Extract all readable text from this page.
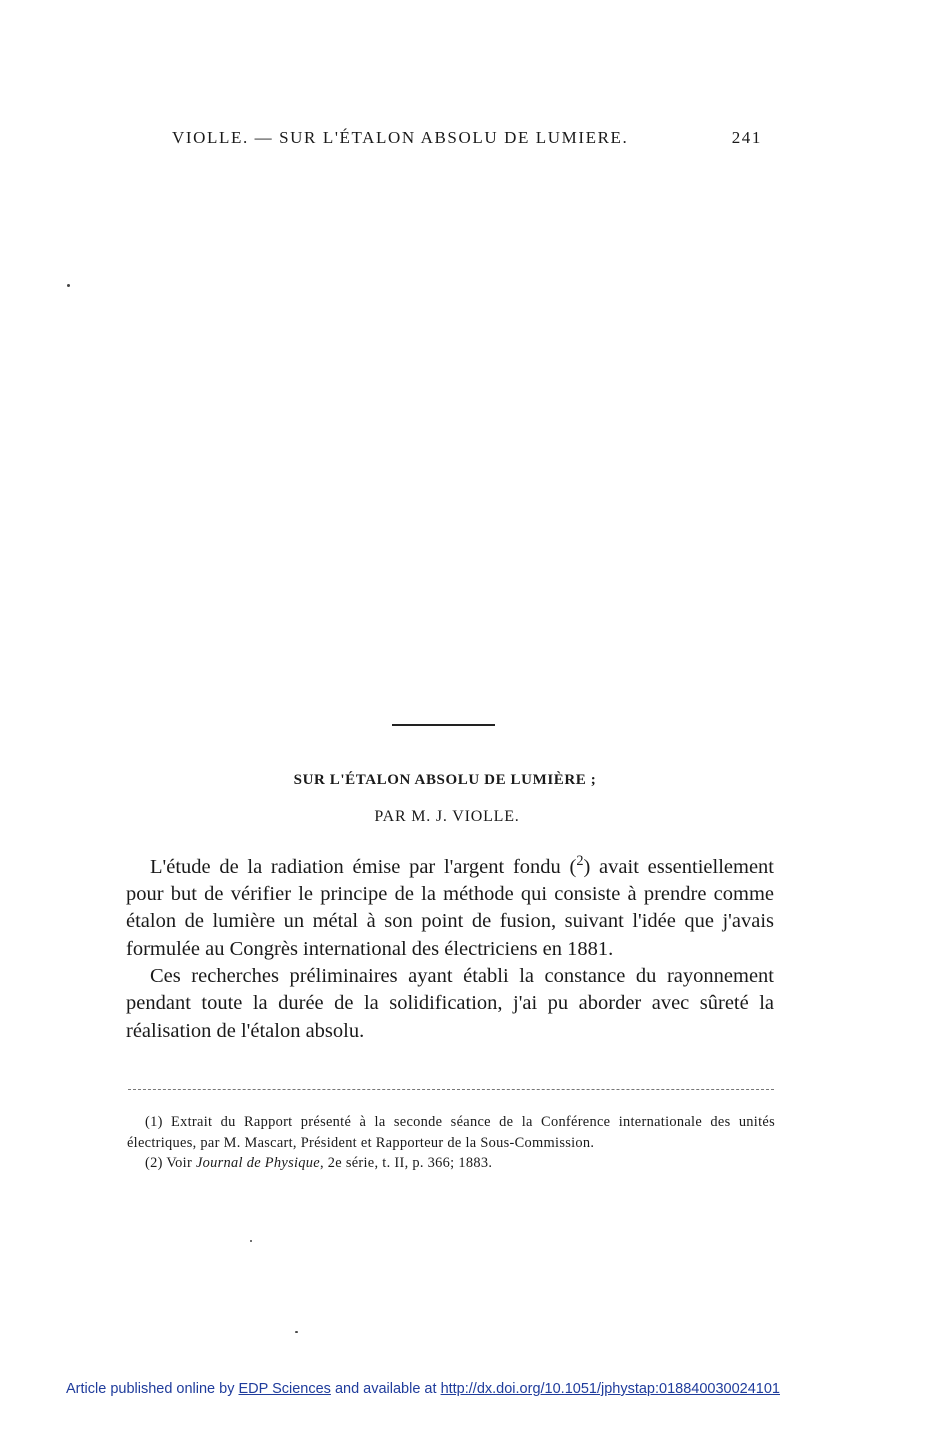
VIOLLE. — SUR L'ÉTALON ABSOLU DE LUMIERE.	241
SUR L'ÉTALON ABSOLU DE LUMIÈRE ;
PAR M. J. VIOLLE.

L'étude de la radiation émise par l'argent fondu ($^2$) avait essentiellement pour but de vérifier le principe de la méthode qui consiste à prendre comme étalon de lumière un métal à son point de fusion, suivant l'idée que j'avais formulée au Congrès international des électriciens en 1881.

Ces recherches préliminaires ayant établi la constance du rayonnement pendant toute la durée de la solidification, j'ai pu aborder avec sûreté la réalisation de l'étalon absolu.

(1) Extrait du Rapport présenté à la seconde séance de la Conférence internationale des unités électriques, par M. Mascart, Président et Rapporteur de la Sous-Commission.

(2) Voir Journal de Physique, 2e série, t. II, p. 366; 1883.

Article published online by EDP Sciences and available at http://dx.doi.org/10.1051/jphystap:018840030024101
